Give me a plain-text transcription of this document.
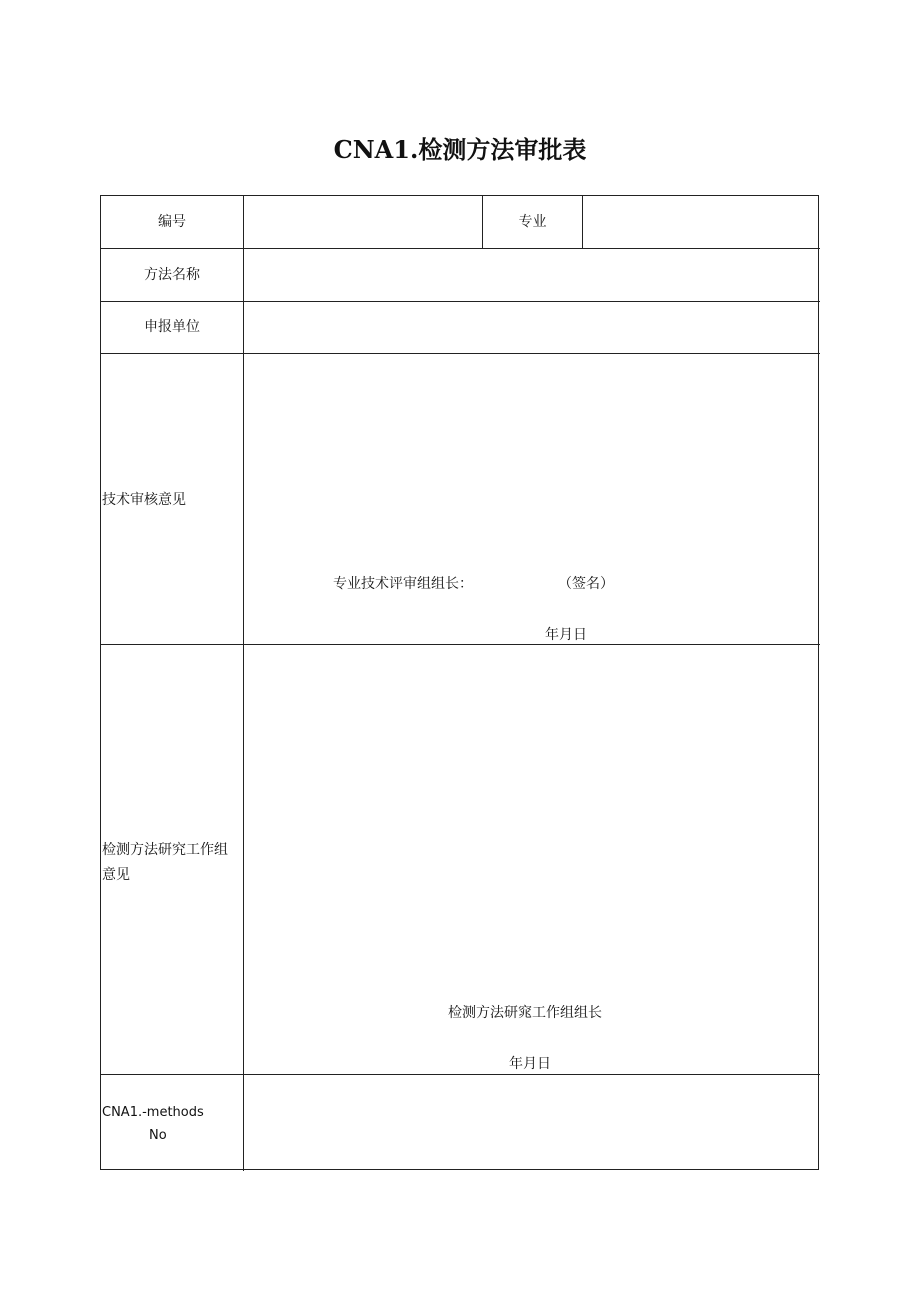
CNA1.检测方法审批表
编号	专业
方法名称
申报单位
技术审核意见
专业技术评审组组长：	（签名）
年月日
检测方法研究工作组
意见
检测方法研窕工作组组长
年月日
CNA1.-methods
No
